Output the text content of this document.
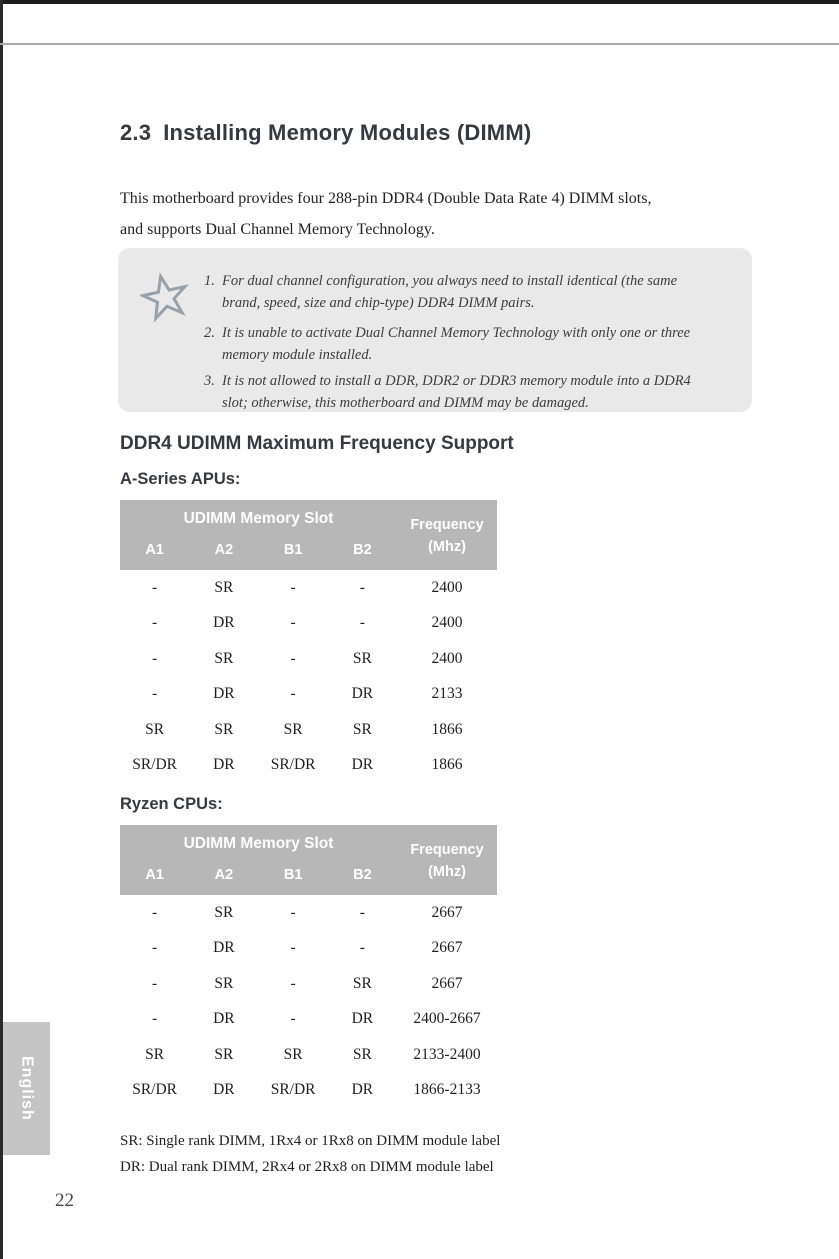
2.3 Installing Memory Modules (DIMM)
This motherboard provides four 288-pin DDR4 (Double Data Rate 4) DIMM slots,
and supports Dual Channel Memory Technology.
1. For dual channel configuration, you always need to install identical (the same brand, speed, size and chip-type) DDR4 DIMM pairs.
2. It is unable to activate Dual Channel Memory Technology with only one or three memory module installed.
3. It is not allowed to install a DDR, DDR2 or DDR3 memory module into a DDR4 slot; otherwise, this motherboard and DIMM may be damaged.
DDR4 UDIMM Maximum Frequency Support
A-Series APUs:
UDIMM Memory Slot
A1	A2	B1	B2
Frequency
(Mhz)
-	SR	-	-	2400
-	DR	-	-	2400
-	SR	-	SR	2400
-	DR	-	DR	2133
SR	SR	SR	SR	1866
SR/DR	DR	SR/DR	DR	1866
Ryzen CPUs:
UDIMM Memory Slot
A1	A2	B1	B2
Frequency
(Mhz)
-	SR	-	-	2667
-	DR	-	-	2667
-	SR	-	SR	2667
-	DR	-	DR	2400-2667
SR	SR	SR	SR	2133-2400
SR/DR	DR	SR/DR	DR	1866-2133
SR: Single rank DIMM, 1Rx4 or 1Rx8 on DIMM module label
DR: Dual rank DIMM, 2Rx4 or 2Rx8 on DIMM module label
English
22
